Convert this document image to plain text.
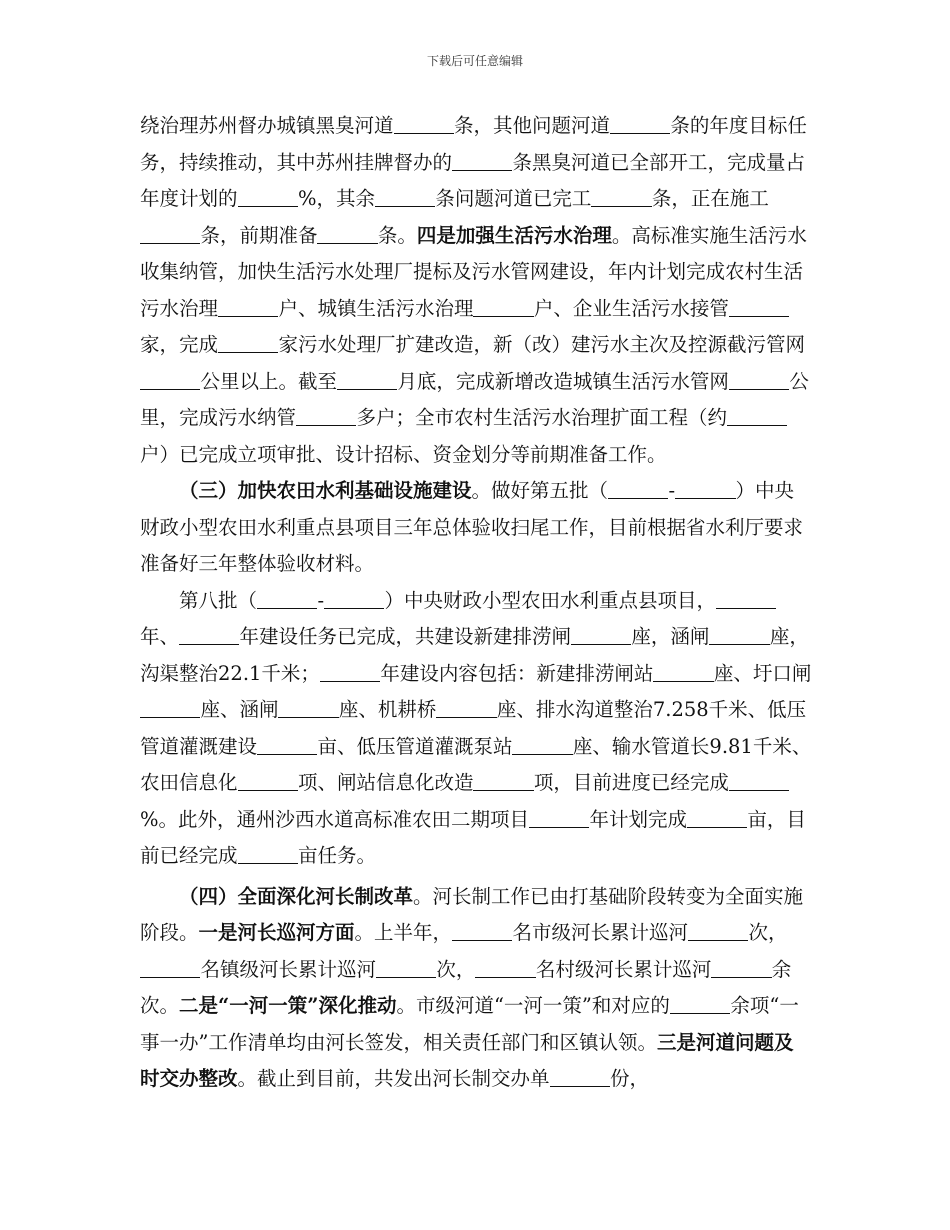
下载后可任意编辑

绕治理苏州督办城镇黑臭河道	条，其他问题河道	条的年度目标任务，持续推动，其中苏州挂牌督办的	条黑臭河道已全部开工，完成量占年度计划的	%，其余	条问题河道已完工	条，正在施工条，前期准备	条。四是加强生活污水治理。高标准实施生活污水收集纳管，加快生活污水处理厂提标及污水管网建设，年内计划完成农村生活污水治理	户、城镇生活污水治理	户、企业生活污水接管家，完成	家污水处理厂扩建改造，新（改）建污水主次及控源截污管网公里以上。截至	月底，完成新增改造城镇生活污水管网	公里，完成污水纳管	多户；全市农村生活污水治理扩面工程（约户）已完成立项审批、设计招标、资金划分等前期准备工作。

（三）加快农田水利基础设施建设。做好第五批（	-	）中央财政小型农田水利重点县项目三年总体验收扫尾工作，目前根据省水利厅要求准备好三年整体验收材料。

第八批（	-	）中央财政小型农田水利重点县项目，年、	年建设任务已完成，共建设新建排涝闸	座，涵闸	座，沟渠整治22.1千米；	年建设内容包括：新建排涝闸站	座、圩口闸座、涵闸	座、机耕桥	座、排水沟道整治7.258千米、低压管道灌溉建设	亩、低压管道灌溉泵站	座、输水管道长9.81千米、农田信息化	项、闸站信息化改造	项，目前进度已经完成%。此外，通州沙西水道高标准农田二期项目	年计划完成	亩，目前已经完成	亩任务。

（四）全面深化河长制改革。河长制工作已由打基础阶段转变为全面实施阶段。一是河长巡河方面。上半年，	名市级河长累计巡河	次，名镇级河长累计巡河	次，	名村级河长累计巡河	余次。二是“一河一策”深化推动。市级河道“一河一策”和对应的	余项“一事一办”工作清单均由河长签发，相关责任部门和区镇认领。三是河道问题及时交办整改。截止到目前，共发出河长制交办单	份，
